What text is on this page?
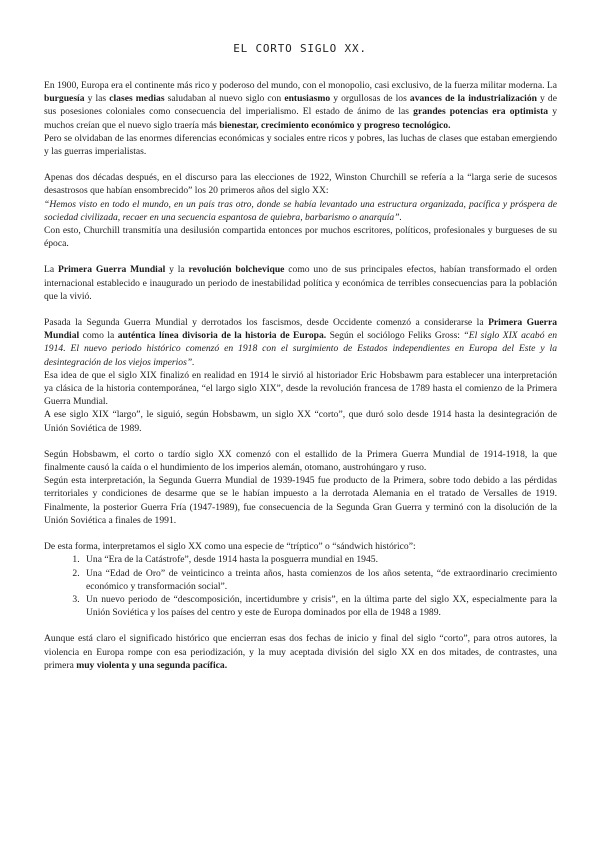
EL CORTO SIGLO XX.

En 1900, Europa era el continente más rico y poderoso del mundo, con el monopolio, casi exclusivo, de la fuerza militar moderna. La burguesía y las clases medias saludaban al nuevo siglo con entusiasmo y orgullosas de los avances de la industrialización y de sus posesiones coloniales como consecuencia del imperialismo. El estado de ánimo de las grandes potencias era optimista y muchos creían que el nuevo siglo traería más bienestar, crecimiento económico y progreso tecnológico.

Pero se olvidaban de las enormes diferencias económicas y sociales entre ricos y pobres, las luchas de clases que estaban emergiendo y las guerras imperialistas.

Apenas dos décadas después, en el discurso para las elecciones de 1922, Winston Churchill se refería a la “larga serie de sucesos desastrosos que habían ensombrecido” los 20 primeros años del siglo XX:

“Hemos visto en todo el mundo, en un país tras otro, donde se había levantado una estructura organizada, pacífica y próspera de sociedad civilizada, recaer en una secuencia espantosa de quiebra, barbarismo o anarquía”.

Con esto, Churchill transmitía una desilusión compartida entonces por muchos escritores, políticos, profesionales y burgueses de su época.

La Primera Guerra Mundial y la revolución bolchevique como uno de sus principales efectos, habían transformado el orden internacional establecido e inaugurado un periodo de inestabilidad política y económica de terribles consecuencias para la población que la vivió.

Pasada la Segunda Guerra Mundial y derrotados los fascismos, desde Occidente comenzó a considerarse la Primera Guerra Mundial como la auténtica línea divisoria de la historia de Europa. Según el sociólogo Feliks Gross: “El siglo XIX acabó en 1914. El nuevo periodo histórico comenzó en 1918 con el surgimiento de Estados independientes en Europa del Este y la desintegración de los viejos imperios”.

Esa idea de que el siglo XIX finalizó en realidad en 1914 le sirvió al historiador Eric Hobsbawm para establecer una interpretación ya clásica de la historia contemporánea, “el largo siglo XIX”, desde la revolución francesa de 1789 hasta el comienzo de la Primera Guerra Mundial.

A ese siglo XIX “largo”, le siguió, según Hobsbawm, un siglo XX “corto”, que duró solo desde 1914 hasta la desintegración de Unión Soviética de 1989.

Según Hobsbawm, el corto o tardío siglo XX comenzó con el estallido de la Primera Guerra Mundial de 1914-1918, la que finalmente causó la caída o el hundimiento de los imperios alemán, otomano, austrohúngaro y ruso.

Según esta interpretación, la Segunda Guerra Mundial de 1939-1945 fue producto de la Primera, sobre todo debido a las pérdidas territoriales y condiciones de desarme que se le habían impuesto a la derrotada Alemania en el tratado de Versalles de 1919. Finalmente, la posterior Guerra Fría (1947-1989), fue consecuencia de la Segunda Gran Guerra y terminó con la disolución de la Unión Soviética a finales de 1991.

De esta forma, interpretamos el siglo XX como una especie de “tríptico” o “sándwich histórico”:

1. Una “Era de la Catástrofe”, desde 1914 hasta la posguerra mundial en 1945.
2. Una “Edad de Oro” de veinticinco a treinta años, hasta comienzos de los años setenta, “de extraordinario crecimiento económico y transformación social”.
3. Un nuevo periodo de “descomposición, incertidumbre y crisis”, en la última parte del siglo XX, especialmente para la Unión Soviética y los países del centro y este de Europa dominados por ella de 1948 a 1989.

Aunque está claro el significado histórico que encierran esas dos fechas de inicio y final del siglo “corto”, para otros autores, la violencia en Europa rompe con esa periodización, y la muy aceptada división del siglo XX en dos mitades, de contrastes, una primera muy violenta y una segunda pacífica.
